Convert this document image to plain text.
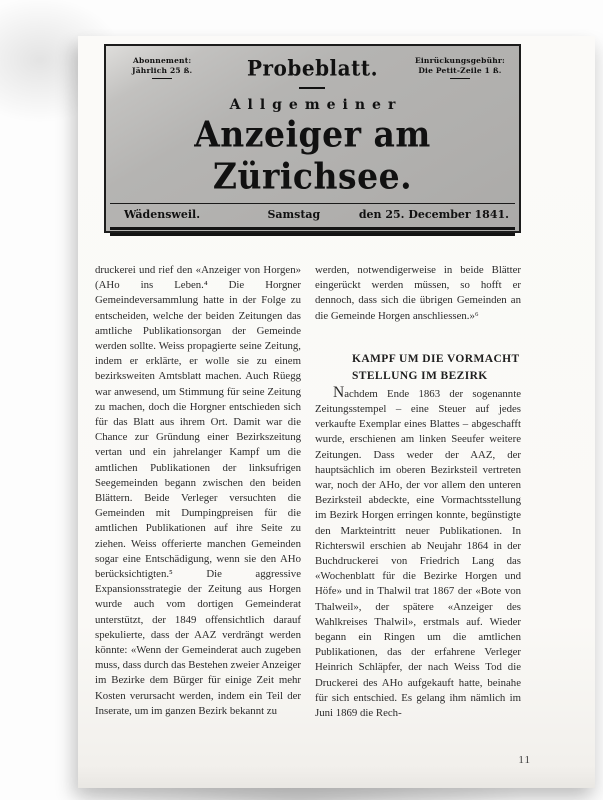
Abonnement:
Jährlich 25 ß.	Probeblatt.	Einrückungsgebühr:
Die Petit-Zeile 1 ß.
Allgemeiner
Anzeiger am Zürichsee.
Wädensweil.	Samstag	den 25. December 1841.

druckerei und rief den «Anzeiger von Horgen» (AHo ins Leben.⁴ Die Horgner Gemeindeversammlung hatte in der Folge zu entscheiden, welche der beiden Zeitungen das amtliche Publikationsorgan der Gemeinde werden sollte. Weiss propagierte seine Zeitung, indem er erklärte, er wolle sie zu einem bezirksweiten Amtsblatt machen. Auch Rüegg war anwesend, um Stimmung für seine Zeitung zu machen, doch die Horgner entschieden sich für das Blatt aus ihrem Ort. Damit war die Chance zur Gründung einer Bezirkszeitung vertan und ein jahrelanger Kampf um die amtlichen Publikationen der linksufrigen Seegemeinden begann zwischen den beiden Blättern. Beide Verleger versuchten die Gemeinden mit Dumpingpreisen für die amtlichen Publikationen auf ihre Seite zu ziehen. Weiss offerierte manchen Gemeinden sogar eine Entschädigung, wenn sie den AHo berücksichtigten.⁵ Die aggressive Expansionsstrategie der Zeitung aus Horgen wurde auch vom dortigen Gemeinderat unterstützt, der 1849 offensichtlich darauf spekulierte, dass der AAZ verdrängt werden könnte: «Wenn der Gemeinderat auch zugeben muss, dass durch das Bestehen zweier Anzeiger im Bezirke dem Bürger für einige Zeit mehr Kosten verursacht werden, indem ein Teil der Inserate, um im ganzen Bezirk bekannt zu

werden, notwendigerweise in beide Blätter eingerückt werden müssen, so hofft er dennoch, dass sich die übrigen Gemeinden an die Gemeinde Horgen anschliessen.»⁶

KAMPF UM DIE VORMACHT
STELLUNG IM BEZIRK

Nachdem Ende 1863 der sogenannte Zeitungsstempel – eine Steuer auf jedes verkaufte Exemplar eines Blattes – abgeschafft wurde, erschienen am linken Seeufer weitere Zeitungen. Dass weder der AAZ, der hauptsächlich im oberen Bezirksteil vertreten war, noch der AHo, der vor allem den unteren Bezirksteil abdeckte, eine Vormachtsstellung im Bezirk Horgen erringen konnte, begünstigte den Markteintritt neuer Publikationen. In Richterswil erschien ab Neujahr 1864 in der Buchdruckerei von Friedrich Lang das «Wochenblatt für die Bezirke Horgen und Höfe» und in Thalwil trat 1867 der «Bote von Thalweil», der spätere «Anzeiger des Wahlkreises Thalwil», erstmals auf. Wieder begann ein Ringen um die amtlichen Publikationen, das der erfahrene Verleger Heinrich Schläpfer, der nach Weiss Tod die Druckerei des AHo aufgekauft hatte, beinahe für sich entschied. Es gelang ihm nämlich im Juni 1869 die Rech-

11
